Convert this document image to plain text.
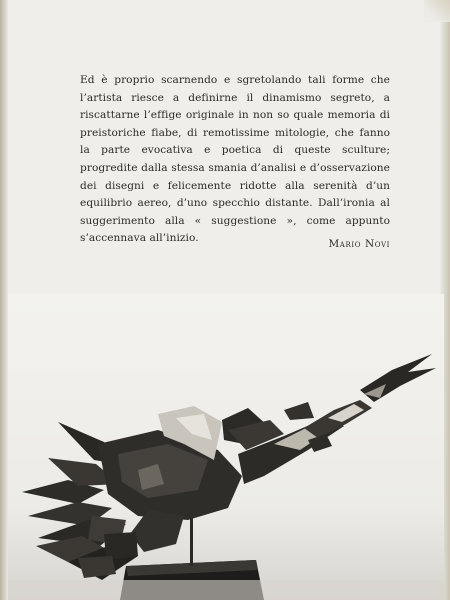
Ed è proprio scarnendo e sgretolando tali forme che l’artista riesce a definirne il dinamismo segreto, a riscattarne l’effige originale in non so quale memoria di preistoriche fiabe, di remotissime mitologie, che fanno la parte evocativa e poetica di queste sculture; progredite dalla stessa smania d’analisi e d’osservazione dei disegni e felicemente ridotte alla serenità d’un equilibrio aereo, d’uno specchio distante. Dall’ironia al suggerimento alla « suggestione », come appunto s’accennava all’inizio.	Mario Novi
